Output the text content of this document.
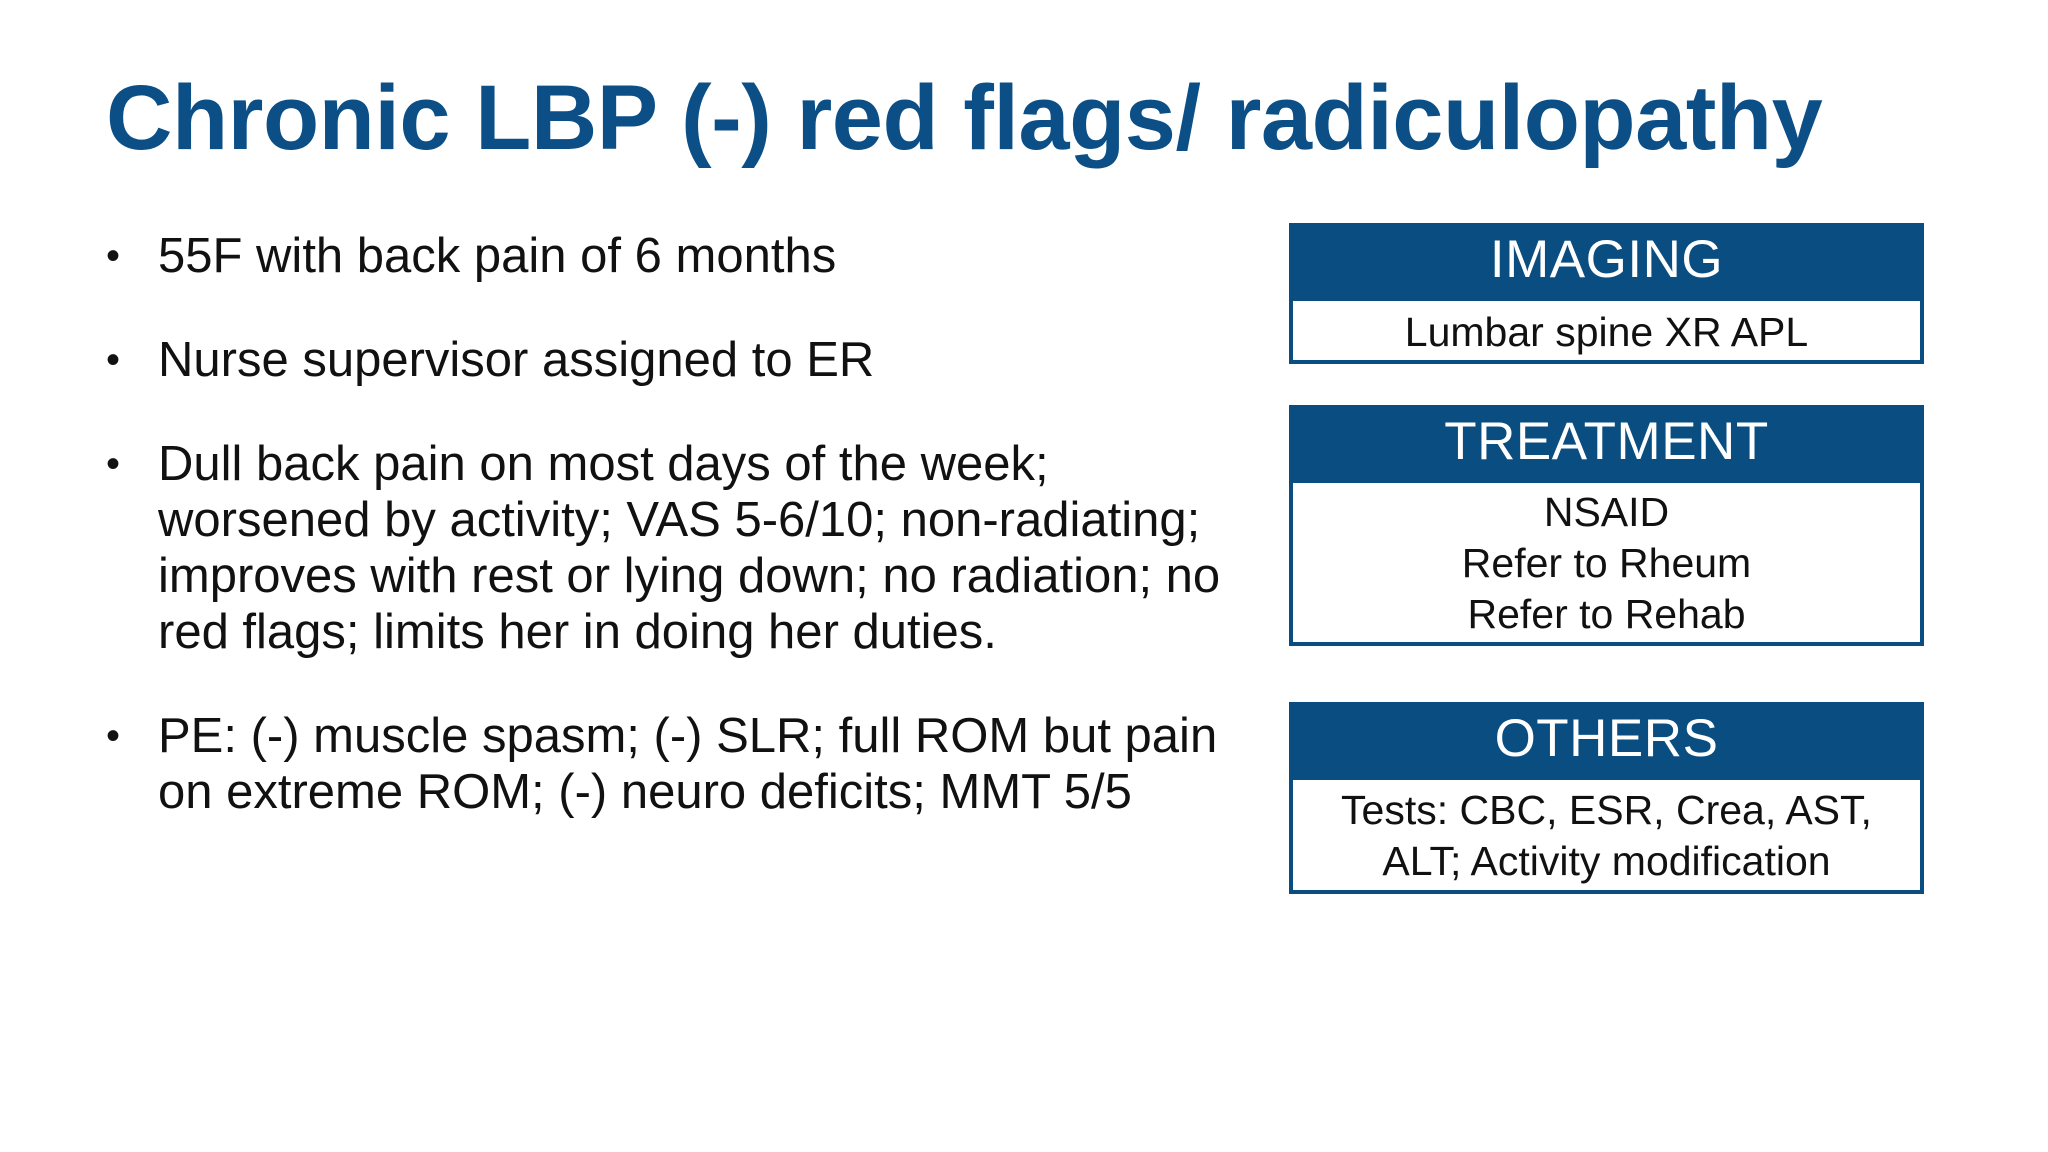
Chronic LBP (-) red flags/ radiculopathy
• 55F with back pain of 6 months
• Nurse supervisor assigned to ER
• Dull back pain on most days of the week; worsened by activity; VAS 5-6/10; non-radiating; improves with rest or lying down; no radiation; no red flags; limits her in doing her duties.
• PE: (-) muscle spasm; (-) SLR; full ROM but pain on extreme ROM; (-) neuro deficits; MMT 5/5
IMAGING
Lumbar spine XR APL
TREATMENT
NSAID
Refer to Rheum
Refer to Rehab
OTHERS
Tests: CBC, ESR, Crea, AST,
ALT; Activity modification
